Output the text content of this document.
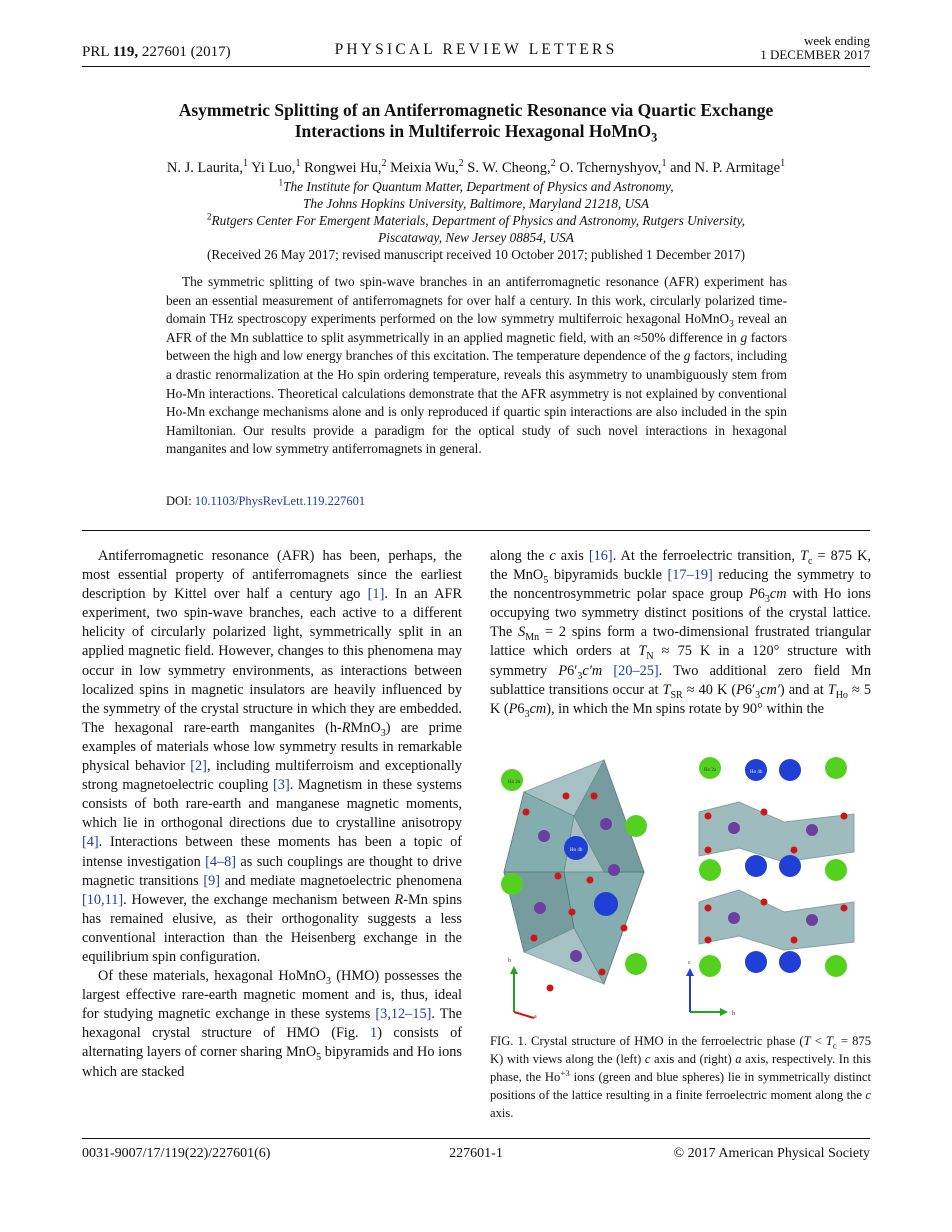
PRL 119, 227601 (2017)	PHYSICAL REVIEW LETTERS
week ending
1 DECEMBER 2017
Asymmetric Splitting of an Antiferromagnetic Resonance via Quartic Exchange
Interactions in Multiferroic Hexagonal HoMnO$_3$
N. J. Laurita,$^1$ Yi Luo,$^1$ Rongwei Hu,$^2$ Meixia Wu,$^2$ S. W. Cheong,$^2$ O. Tchernyshyov,$^1$ and N. P. Armitage$^1$
$^1$The Institute for Quantum Matter, Department of Physics and Astronomy,
The Johns Hopkins University, Baltimore, Maryland 21218, USA
$^2$Rutgers Center For Emergent Materials, Department of Physics and Astronomy, Rutgers University,
Piscataway, New Jersey 08854, USA
(Received 26 May 2017; revised manuscript received 10 October 2017; published 1 December 2017)
The symmetric splitting of two spin-wave branches in an antiferromagnetic resonance (AFR) experiment has been an essential measurement of antiferromagnets for over half a century. In this work, circularly polarized time-domain THz spectroscopy experiments performed on the low symmetry multiferroic hexagonal HoMnO$_3$ reveal an AFR of the Mn sublattice to split asymmetrically in an applied magnetic field, with an ≈50% difference in g factors between the high and low energy branches of this excitation. The temperature dependence of the g factors, including a drastic renormalization at the Ho spin ordering temperature, reveals this asymmetry to unambiguously stem from Ho-Mn interactions. Theoretical calculations demonstrate that the AFR asymmetry is not explained by conventional Ho-Mn exchange mechanisms alone and is only reproduced if quartic spin interactions are also included in the spin Hamiltonian. Our results provide a paradigm for the optical study of such novel interactions in hexagonal manganites and low symmetry antiferromagnets in general.
DOI: 10.1103/PhysRevLett.119.227601

Antiferromagnetic resonance (AFR) has been, perhaps, the most essential property of antiferromagnets since the earliest description by Kittel over half a century ago [1]. In an AFR experiment, two spin-wave branches, each active to a different helicity of circularly polarized light, symmetrically split in an applied magnetic field. However, changes to this phenomena may occur in low symmetry environments, as interactions between localized spins in magnetic insulators are heavily influenced by the symmetry of the crystal structure in which they are embedded. The hexagonal rare-earth manganites (h-RMnO$_3$) are prime examples of materials whose low symmetry results in remarkable physical behavior [2], including multiferroism and exceptionally strong magnetoelectric coupling [3]. Magnetism in these systems consists of both rare-earth and manganese magnetic moments, which lie in orthogonal directions due to crystalline anisotropy [4]. Interactions between these moments has been a topic of intense investigation [4–8] as such couplings are thought to drive magnetic transitions [9] and mediate magnetoelectric phenomena [10,11]. However, the exchange mechanism between R-Mn spins has remained elusive, as their orthogonality suggests a less conventional interaction than the Heisenberg exchange in the equilibrium spin configuration.

Of these materials, hexagonal HoMnO$_3$ (HMO) possesses the largest effective rare-earth magnetic moment and is, thus, ideal for studying magnetic exchange in these systems [3,12–15]. The hexagonal crystal structure of HMO (Fig. 1) consists of alternating layers of corner sharing MnO$_5$ bipyramids and Ho ions which are stacked

along the c axis [16]. At the ferroelectric transition, $T_c = 875$ K, the MnO$_5$ bipyramids buckle [17–19] reducing the symmetry to the noncentrosymmetric polar space group $P6_3cm$ with Ho ions occupying two symmetry distinct positions of the crystal lattice. The $S_{Mn} = 2$ spins form a two-dimensional frustrated triangular lattice which orders at $T_N \approx 75$ K in a 120° structure with symmetry $P6'_3c'm$ [20–25]. Two additional zero field Mn sublattice transitions occur at $T_{SR} \approx 40$ K $(P6'_3cm')$ and at $T_{Ho} \approx 5$ K $(P6_3cm)$, in which the Mn spins rotate by 90° within the
Ho 2a
Ho 4b
b
a
Ho 2a	Ho 4b
c
b
FIG. 1. Crystal structure of HMO in the ferroelectric phase ($T < T_c = 875$ K) with views along the (left) c axis and (right) a axis, respectively. In this phase, the $Ho^{+3}$ ions (green and blue spheres) lie in symmetrically distinct positions of the lattice resulting in a finite ferroelectric moment along the c axis.
0031-9007/17/119(22)/227601(6)	227601-1	© 2017 American Physical Society
